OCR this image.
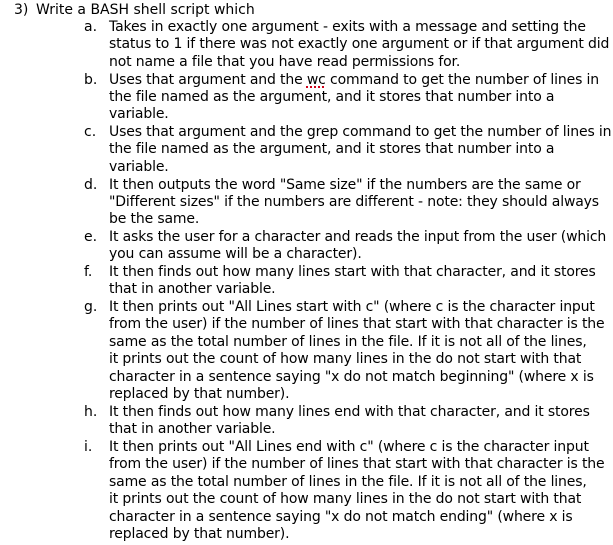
3) Write a BASH shell script which
a. Takes in exactly one argument - exits with a message and setting the
status to 1 if there was not exactly one argument or if that argument did
not name a file that you have read permissions for.
b. Uses that argument and the wc command to get the number of lines in
the file named as the argument, and it stores that number into a
variable.
c. Uses that argument and the grep command to get the number of lines in
the file named as the argument, and it stores that number into a
variable.
d. It then outputs the word "Same size" if the numbers are the same or
"Different sizes" if the numbers are different - note: they should always
be the same.
e. It asks the user for a character and reads the input from the user (which
you can assume will be a character).
f. It then finds out how many lines start with that character, and it stores
that in another variable.
g. It then prints out "All Lines start with c" (where c is the character input
from the user) if the number of lines that start with that character is the
same as the total number of lines in the file. If it is not all of the lines,
it prints out the count of how many lines in the do not start with that
character in a sentence saying "x do not match beginning" (where x is
replaced by that number).
h. It then finds out how many lines end with that character, and it stores
that in another variable.
i. It then prints out "All Lines end with c" (where c is the character input
from the user) if the number of lines that start with that character is the
same as the total number of lines in the file. If it is not all of the lines,
it prints out the count of how many lines in the do not start with that
character in a sentence saying "x do not match ending" (where x is
replaced by that number).
